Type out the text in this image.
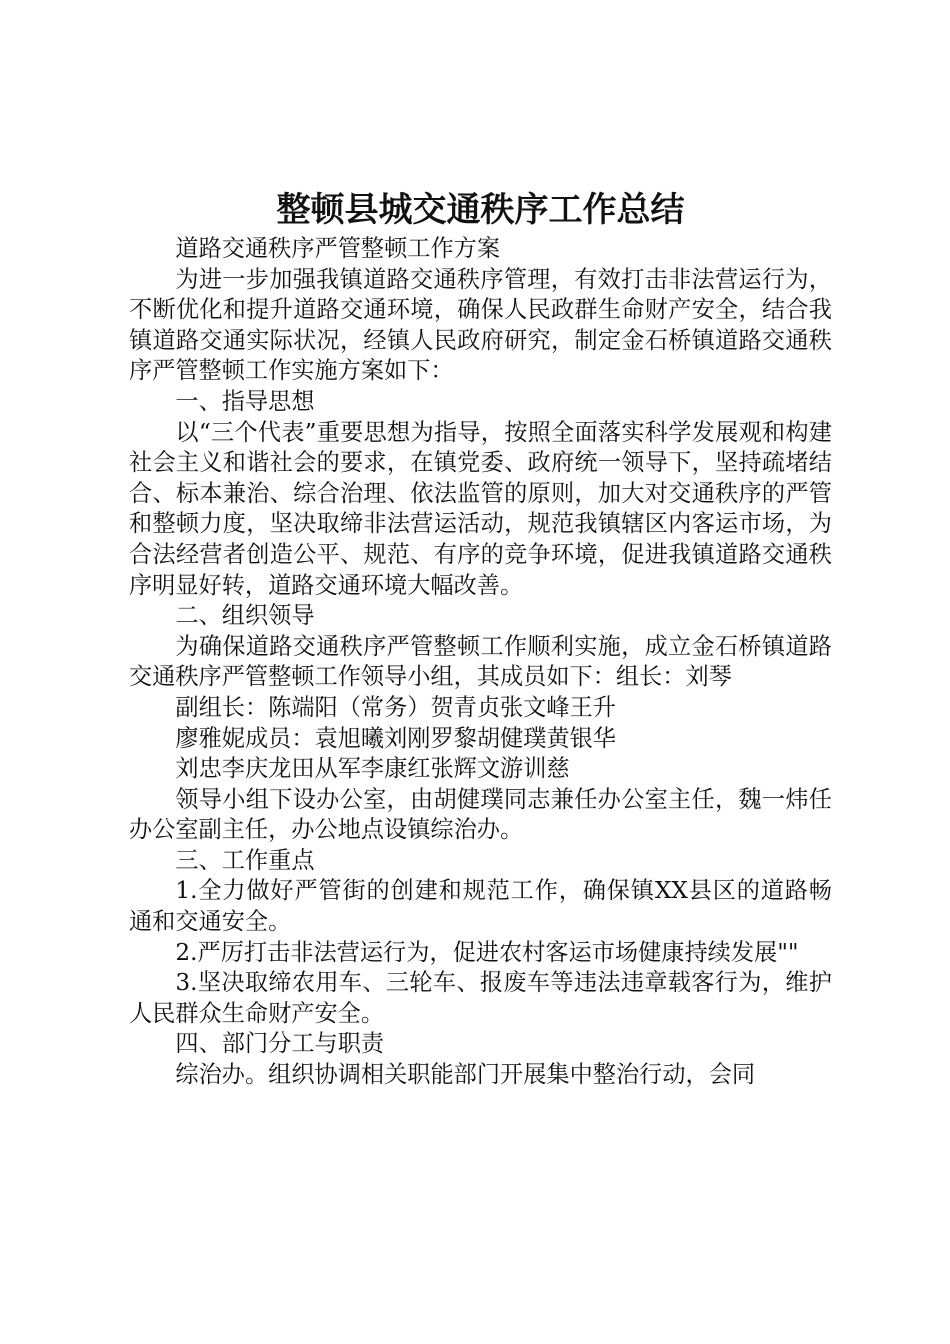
整顿县城交通秩序工作总结

道路交通秩序严管整顿工作方案

为进一步加强我镇道路交通秩序管理，有效打击非法营运行为，不断优化和提升道路交通环境，确保人民政群生命财产安全，结合我镇道路交通实际状况，经镇人民政府研究，制定金石桥镇道路交通秩序严管整顿工作实施方案如下：

一、指导思想

以“三个代表”重要思想为指导，按照全面落实科学发展观和构建社会主义和谐社会的要求，在镇党委、政府统一领导下，坚持疏堵结合、标本兼治、综合治理、依法监管的原则，加大对交通秩序的严管和整顿力度，坚决取缔非法营运活动，规范我镇辖区内客运市场，为合法经营者创造公平、规范、有序的竞争环境，促进我镇道路交通秩序明显好转，道路交通环境大幅改善。

二、组织领导

为确保道路交通秩序严管整顿工作顺利实施，成立金石桥镇道路交通秩序严管整顿工作领导小组，其成员如下：组长：刘琴

副组长：陈端阳（常务）贺青贞张文峰王升

廖雅妮成员：袁旭曦刘刚罗黎胡健璞黄银华

刘忠李庆龙田从军李康红张辉文游训慈

领导小组下设办公室，由胡健璞同志兼任办公室主任，魏一炜任办公室副主任，办公地点设镇综治办。

三、工作重点

1.全力做好严管街的创建和规范工作，确保镇XX县区的道路畅通和交通安全。

2.严厉打击非法营运行为，促进农村客运市场健康持续发展""

3.坚决取缔农用车、三轮车、报废车等违法违章载客行为，维护人民群众生命财产安全。

四、部门分工与职责

综治办。组织协调相关职能部门开展集中整治行动，会同
